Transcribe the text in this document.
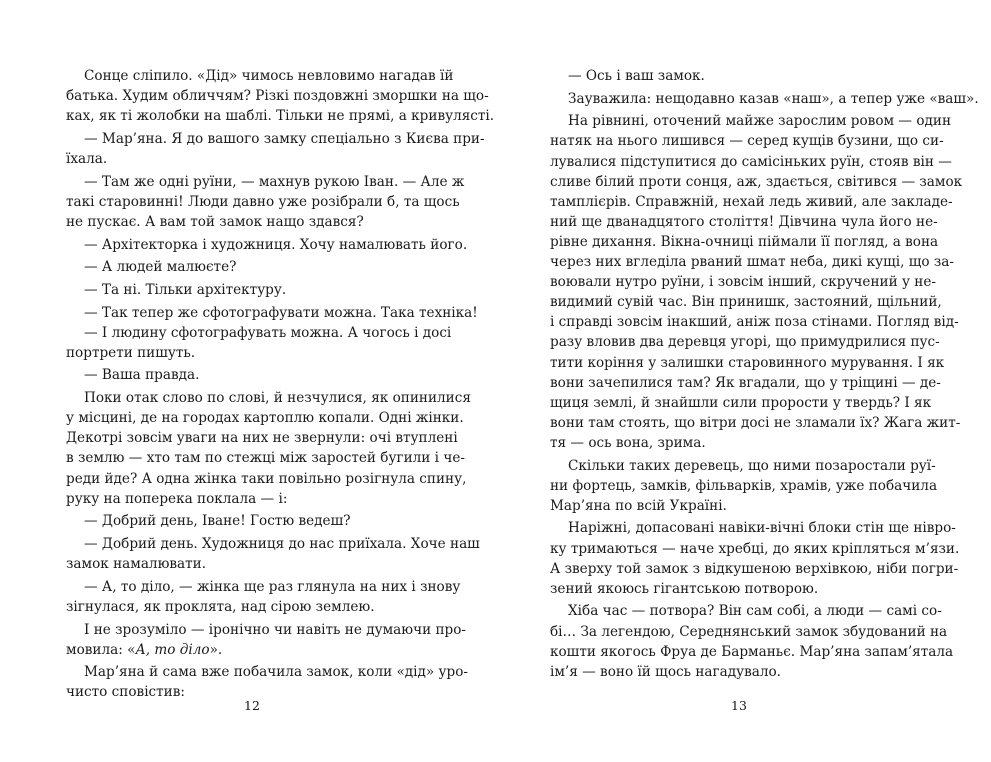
Сонце сліпило. «Дід» чимось невловимо нагадав їй
батька. Худим обличчям? Різкі поздовжні зморшки на що-
ках, як ті жолобки на шаблі. Тільки не прямі, а кривулясті.
— Мар’яна. Я до вашого замку спеціально з Києва при-
їхала.
— Там же одні руїни, — махнув рукою Іван. — Але ж
такі старовинні! Люди давно уже розібрали б, та щось
не пускає. А вам той замок нащо здався?
— Архітекторка і художниця. Хочу намалювать його.
— А людей малюєте?
— Та ні. Тільки архітектуру.
— Так тепер же сфотографувати можна. Така техніка!
— І людину сфотографувать можна. А чогось і досі
портрети пишуть.
— Ваша правда.
Поки отак слово по слові, й незчулися, як опинилися
у місцині, де на городах картоплю копали. Одні жінки.
Декотрі зовсім уваги на них не звернули: очі втуплені
в землю — хто там по стежці між заростей бугили і че-
реди йде? А одна жінка таки повільно розігнула спину,
руку на поперека поклала — і:
— Добрий день, Іване! Гостю ведеш?
— Добрий день. Художниця до нас приїхала. Хоче наш
замок намалювати.
— А, то діло, — жінка ще раз глянула на них і знову
зігнулася, як проклята, над сірою землею.
І не зрозуміло — іронічно чи навіть не думаючи про-
мовила: «А, то діло».
Мар’яна й сама вже побачила замок, коли «дід» уро-
чисто сповістив:
— Ось і ваш замок.
Зауважила: нещодавно казав «наш», а тепер уже «ваш».
На рівнині, оточений майже зарослим ровом — один
натяк на нього лишився — серед кущів бузини, що си-
лувалися підступитися до самісіньких руїн, стояв він —
сливе білий проти сонця, аж, здається, світився — замок
тамплієрів. Справжній, нехай ледь живий, але закладе-
ний ще дванадцятого століття! Дівчина чула його не-
рівне дихання. Вікна-очниці піймали її погляд, а вона
через них вгледіла рваний шмат неба, дикі кущі, що за-
воювали нутро руїни, і зовсім інший, скручений у не-
видимий сувій час. Він принишк, застояний, щільний,
і справді зовсім інакший, аніж поза стінами. Погляд від-
разу вловив два деревця угорі, що примудрилися пус-
тити коріння у залишки старовинного мурування. І як
вони зачепилися там? Як вгадали, що у тріщині — де-
щиця землі, й знайшли сили прорости у твердь? І як
вони там стоять, що вітри досі не зламали їх? Жага жит-
тя — ось вона, зрима.
Скільки таких деревець, що ними позаростали руї-
ни фортець, замків, фільварків, храмів, уже побачила
Мар’яна по всій Україні.
Наріжні, допасовані навіки-вічні блоки стін ще нівро-
ку тримаються — наче хребці, до яких кріпляться м’язи.
А зверху той замок з відкушеною верхівкою, ніби погри-
зений якоюсь гігантською потворою.
Хіба час — потвора? Він сам собі, а люди — самі со-
бі… За легендою, Середнянський замок збудований на
кошти якогось Фруа де Барманьє. Мар’яна запам’ятала
ім’я — воно їй щось нагадувало.
12	13
